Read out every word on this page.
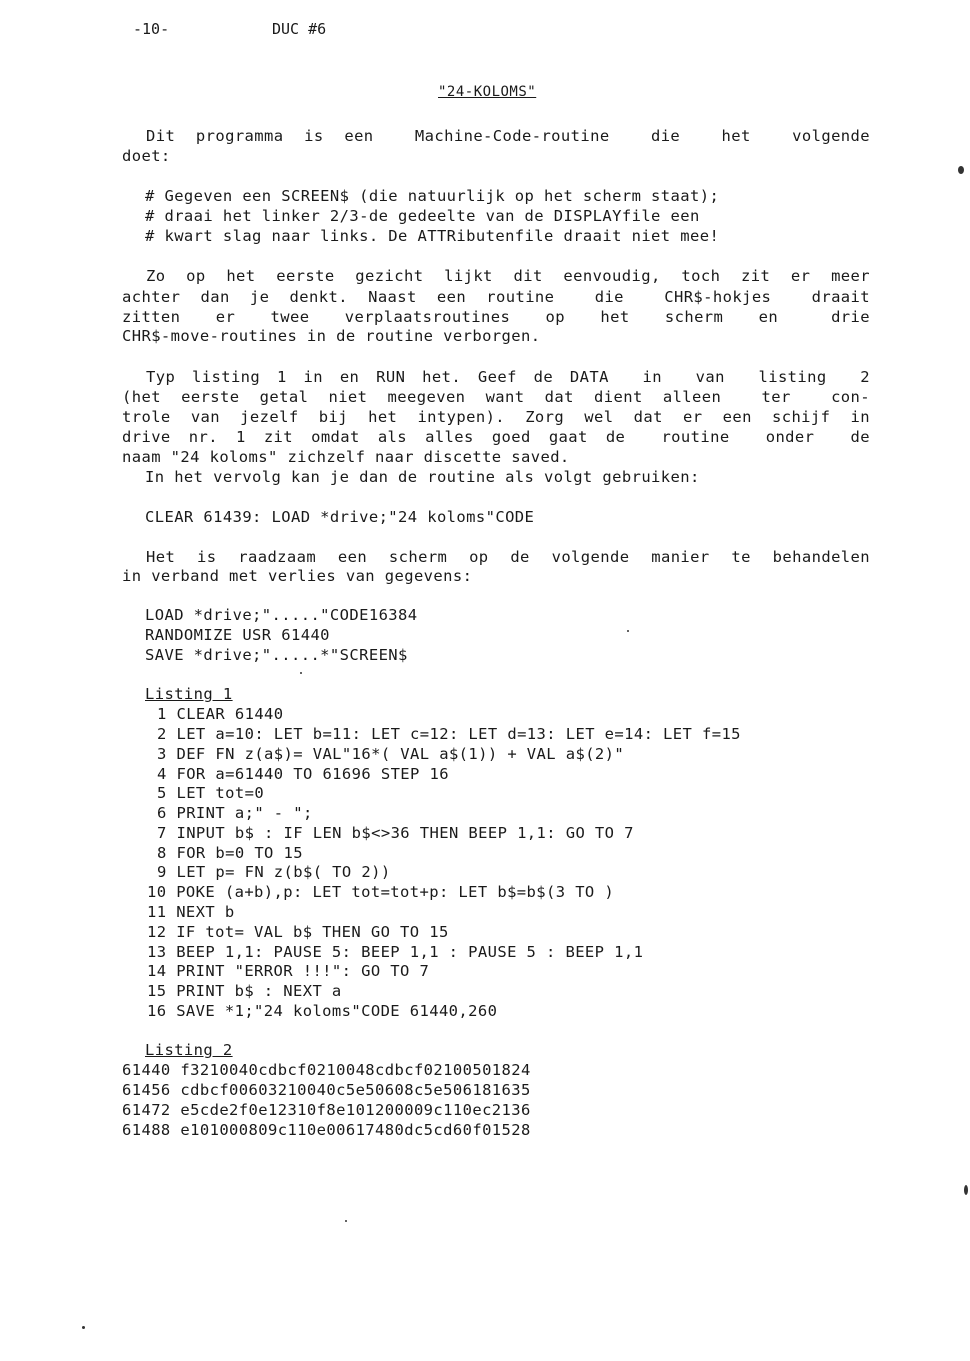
-10-	DUC #6
"24-KOLOMS"
Dit programma is een  Machine-Code-routine  die  het  volgende
doet:
# Gegeven een SCREEN$ (die natuurlijk op het scherm staat);
# draai het linker 2/3-de gedeelte van de DISPLAYfile een
# kwart slag naar links. De ATTRibutenfile draait niet mee!
Zo op het eerste gezicht lijkt dit eenvoudig, toch zit er meer
achter dan je denkt. Naast een routine  die  CHR$-hokjes  draait
zitten  er  twee  verplaatsroutines  op  het  scherm  en   drie
CHR$-move-routines in de routine verborgen.
Typ listing 1 in en RUN het. Geef de DATA  in  van  listing  2
(het eerste getal niet meegeven want dat dient alleen  ter  con-
trole van jezelf bij het intypen). Zorg wel dat er een schijf in
drive nr. 1 zit omdat als alles goed gaat de  routine  onder  de
naam "24 koloms" zichzelf naar discette saved.
In het vervolg kan je dan de routine als volgt gebruiken:
CLEAR 61439: LOAD *drive;"24 koloms"CODE
Het is raadzaam een scherm op de volgende manier te behandelen
in verband met verlies van gegevens:
LOAD *drive;"....."CODE16384
RANDOMIZE USR 61440
SAVE *drive;".....*"SCREEN$
Listing 1
1 CLEAR 61440
2 LET a=10: LET b=11: LET c=12: LET d=13: LET e=14: LET f=15
3 DEF FN z(a$)= VAL"16*( VAL a$(1)) + VAL a$(2)"
4 FOR a=61440 TO 61696 STEP 16
5 LET tot=0
6 PRINT a;" - ";
7 INPUT b$ : IF LEN b$<>36 THEN BEEP 1,1: GO TO 7
8 FOR b=0 TO 15
9 LET p= FN z(b$( TO 2))
10 POKE (a+b),p: LET tot=tot+p: LET b$=b$(3 TO )
11 NEXT b
12 IF tot= VAL b$ THEN GO TO 15
13 BEEP 1,1: PAUSE 5: BEEP 1,1 : PAUSE 5 : BEEP 1,1
14 PRINT "ERROR !!!": GO TO 7
15 PRINT b$ : NEXT a
16 SAVE *1;"24 koloms"CODE 61440,260
Listing 2
61440 f3210040cdbcf0210048cdbcf02100501824
61456 cdbcf00603210040c5e50608c5e506181635
61472 e5cde2f0e12310f8e101200009c110ec2136
61488 e101000809c110e00617480dc5cd60f01528
